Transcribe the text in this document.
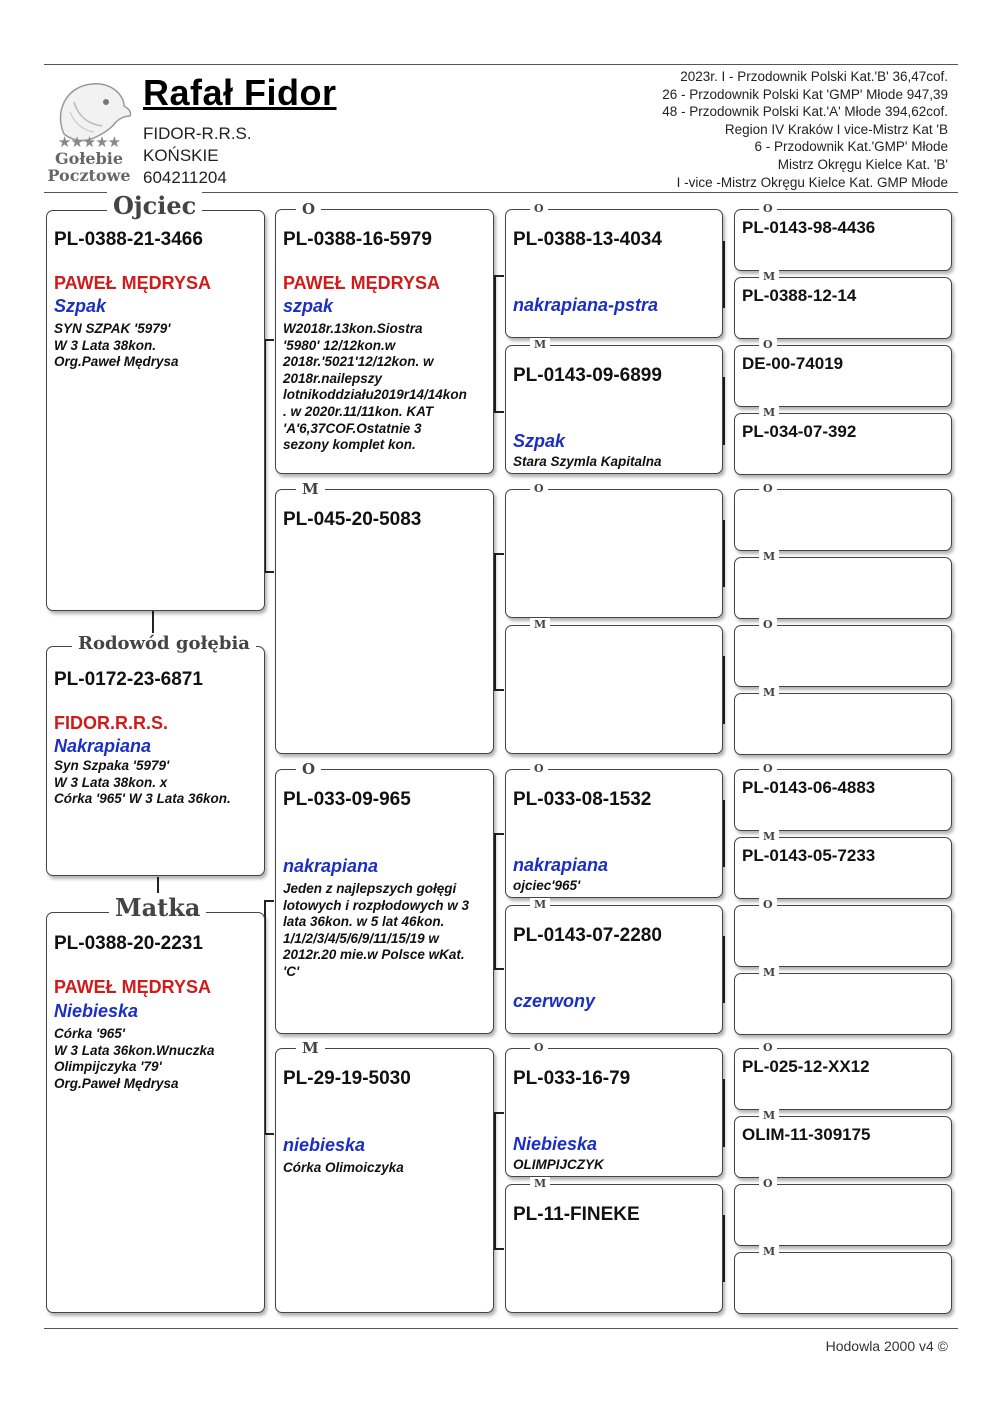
★★★★★
Gołebie
Pocztowe
Rafał Fidor
FIDOR-R.R.S.
KOŃSKIE
604211204
2023r. I - Przodownik Polski Kat.'B' 36,47cof.
26 - Przodownik Polski Kat 'GMP' Młode 947,39
48 - Przodownik Polski Kat.'A' Młode 394,62cof.
Region IV Kraków I vice-Mistrz Kat 'B
6 - Przodownik Kat.'GMP' Młode
Mistrz Okręgu Kielce Kat. 'B'
I -vice -Mistrz Okręgu Kielce Kat. GMP Młode
Ojciec
PL-0388-21-3466
PAWEŁ MĘDRYSA
Szpak
SYN SZPAK '5979'
W 3 Lata 38kon.
Org.Paweł Mędrysa
Rodowód gołębia
PL-0172-23-6871
FIDOR.R.R.S.
Nakrapiana
Syn Szpaka '5979'
W 3 Lata 38kon. x
Córka '965' W 3 Lata 36kon.
Matka
PL-0388-20-2231
PAWEŁ MĘDRYSA
Niebieska
Córka '965'
W 3 Lata 36kon.Wnuczka
Olimpijczyka '79'
Org.Paweł Mędrysa
O
PL-0388-16-5979
PAWEŁ MĘDRYSA
szpak
W2018r.13kon.Siostra
'5980' 12/12kon.w
2018r.'5021'12/12kon. w
2018r.nailepszy
lotnikoddziału2019r14/14kon
. w 2020r.11/11kon. KAT
'A'6,37COF.Ostatnie 3
sezony komplet kon.
M
PL-045-20-5083
O
PL-033-09-965
nakrapiana
Jeden z najlepszych gołęgi
lotowych i rozpłodowych w 3
lata 36kon. w 5 lat 46kon.
1/1/2/3/4/5/6/9/11/15/19 w
2012r.20 mie.w Polsce wKat.
'C'
M
PL-29-19-5030
niebieska
Córka Olimoiczyka
O
PL-0388-13-4034
nakrapiana-pstra
M
PL-0143-09-6899
Szpak
Stara Szymla Kapitalna
O
M
O
PL-033-08-1532
nakrapiana
ojciec'965'
M
PL-0143-07-2280
czerwony
O
PL-033-16-79
Niebieska
OLIMPIJCZYK
M
PL-11-FINEKE
O
PL-0143-98-4436
M
PL-0388-12-14
O
DE-00-74019
M
PL-034-07-392
O
M
O
M
O
PL-0143-06-4883
M
PL-0143-05-7233
O
M
O
PL-025-12-XX12
M
OLIM-11-309175
O
M
Hodowla 2000 v4 ©
